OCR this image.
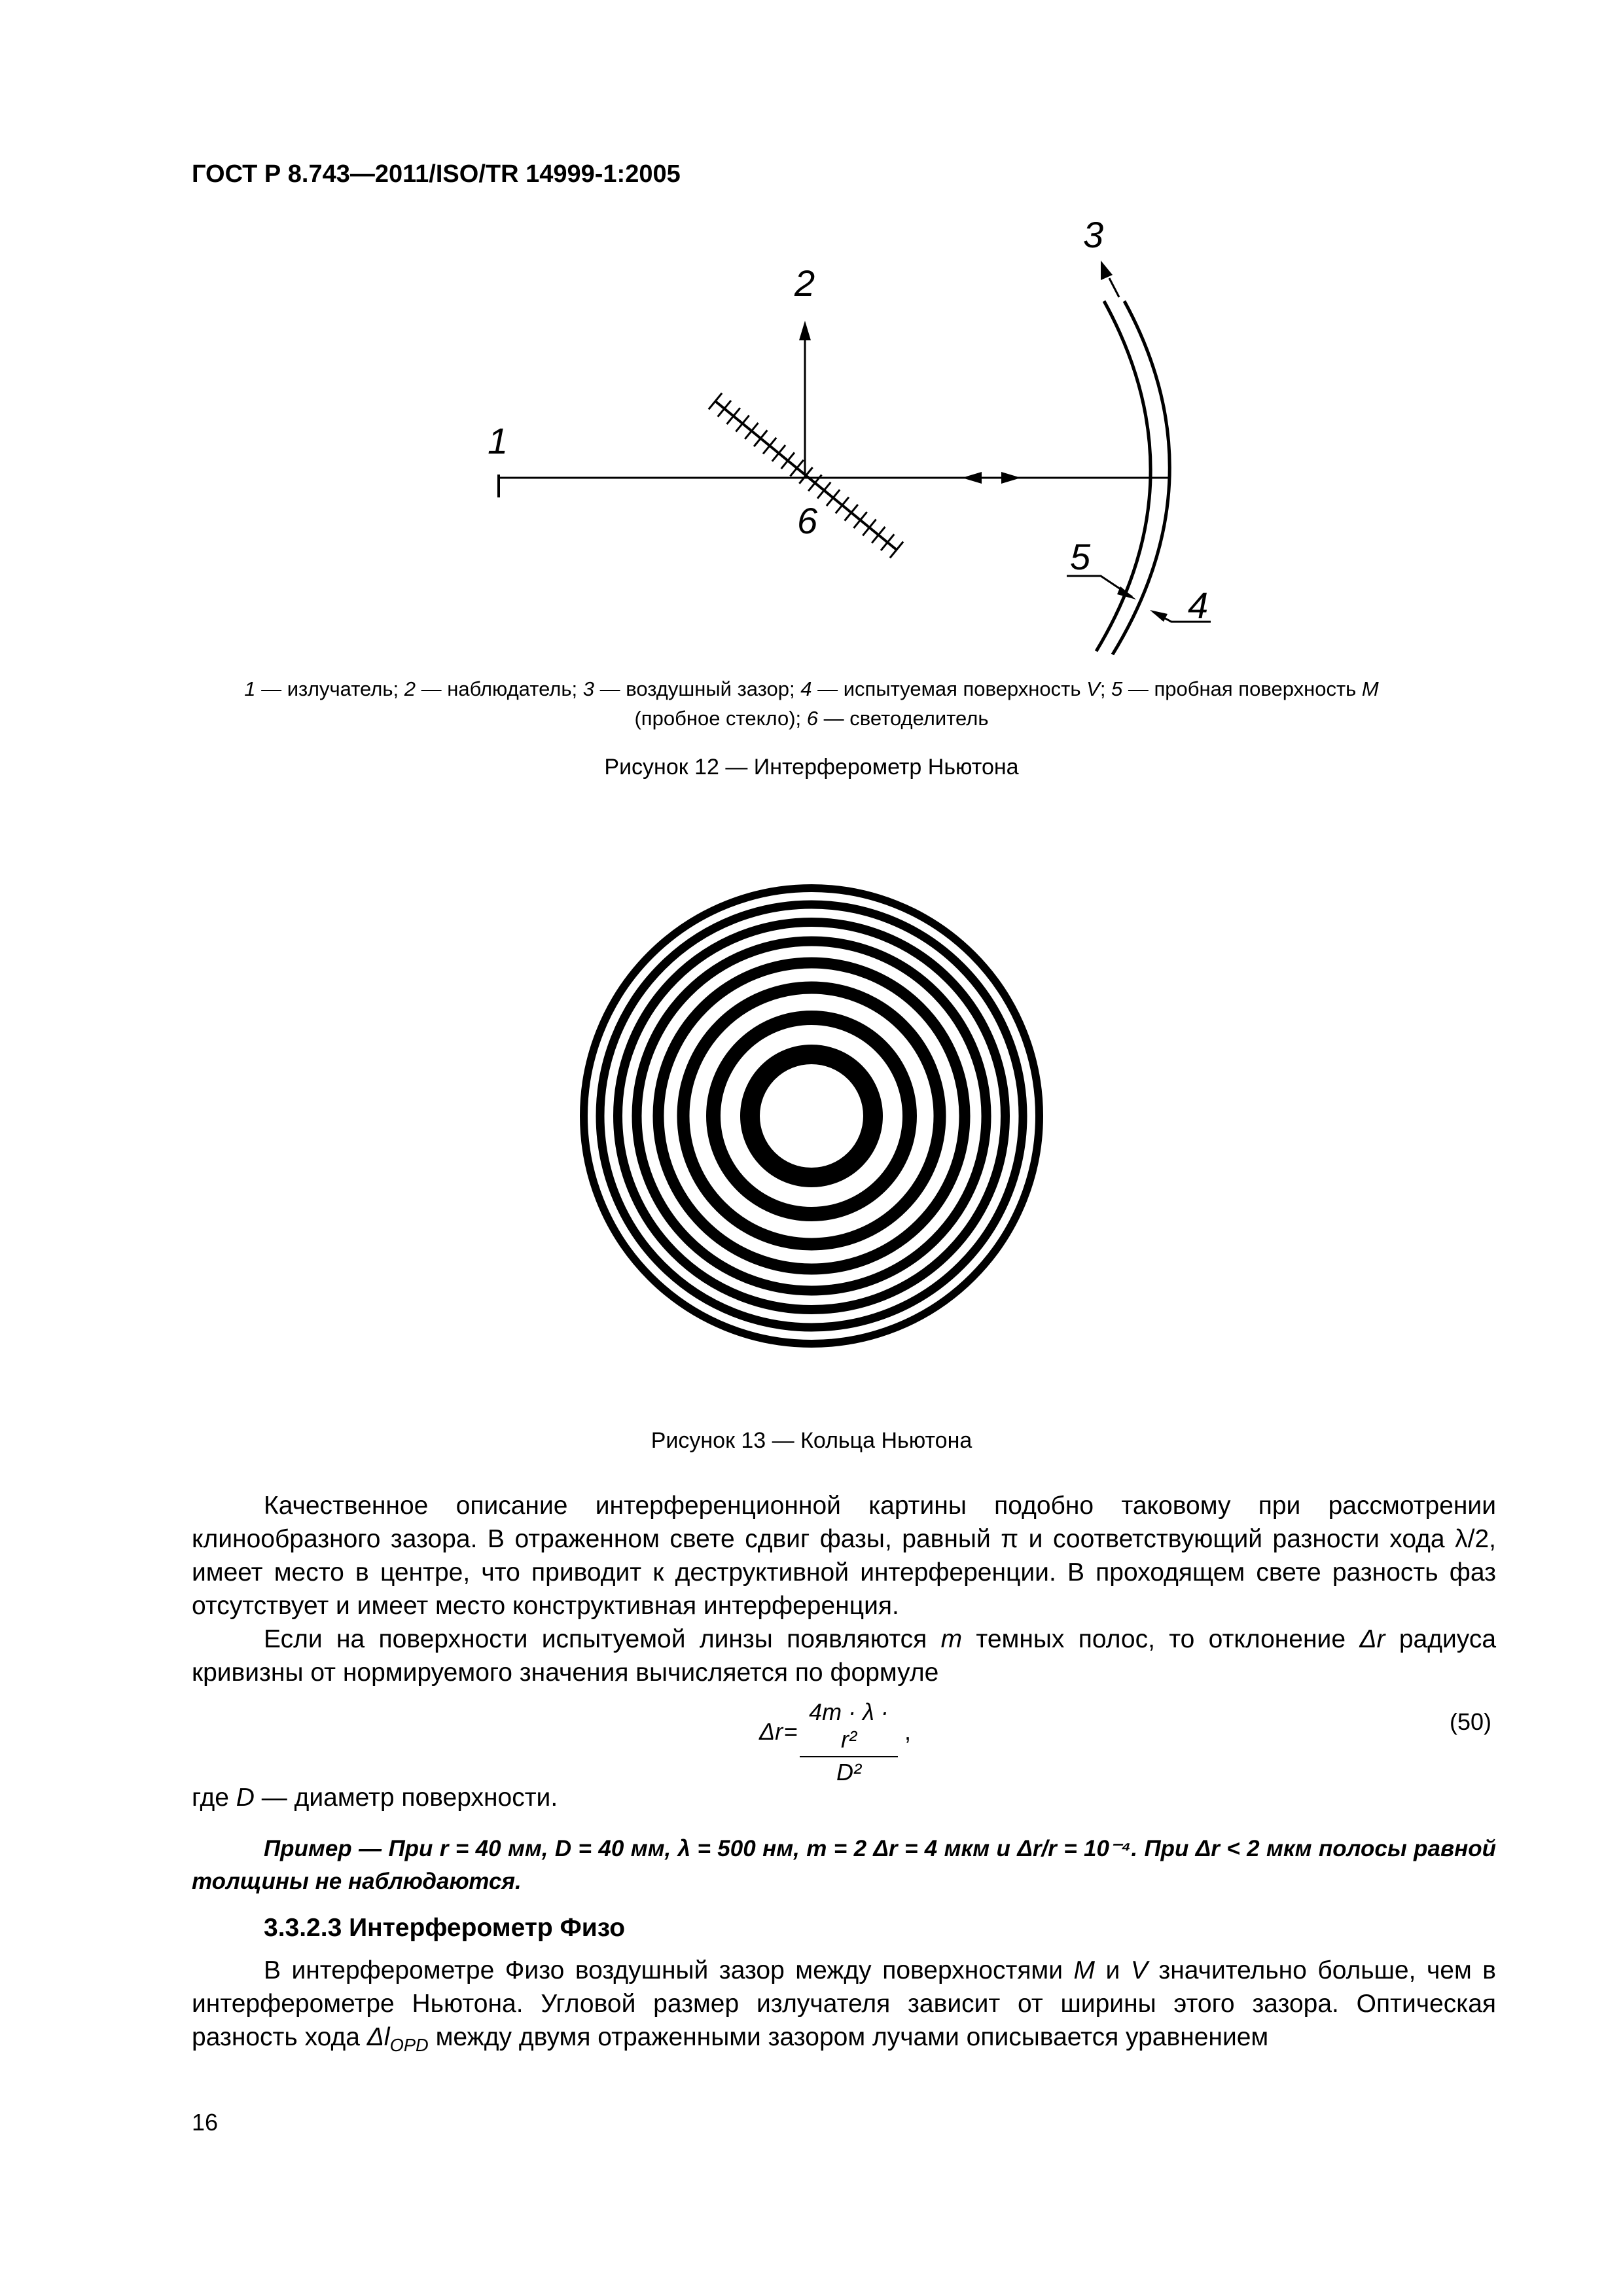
ГОСТ Р 8.743—2011/ISO/TR 14999-1:2005
1
2
3
4
5
6
1 — излучатель; 2 — наблюдатель; 3 — воздушный зазор; 4 — испытуемая поверхность V; 5 — пробная поверхность M
(пробное стекло); 6 — светоделитель
Рисунок 12 — Интерферометр Ньютона
Рисунок 13 — Кольца Ньютона

Качественное описание интерференционной картины подобно таковому при рассмотрении клинообразного зазора. В отраженном свете сдвиг фазы, равный π и соответствующий разности хода λ/2, имеет место в центре, что приводит к деструктивной интерференции. В проходящем свете разность фаз отсутствует и имеет место конструктивная интерференция.

Если на поверхности испытуемой линзы появляются m темных полос, то отклонение Δr радиуса кривизны от нормируемого значения вычисляется по формуле

$\Delta r = \frac{\text{4m · λ · r²}}{\text{D²}}$ ,	(50)
где D — диаметр поверхности.

Пример — При r = 40 мм, D = 40 мм, λ = 500 нм, m = 2 Δr = 4 мкм и Δr/r = 10⁻⁴. При Δr < 2 мкм полосы равной толщины не наблюдаются.

3.3.2.3 Интерферометр Физо

В интерферометре Физо воздушный зазор между поверхностями M и V значительно больше, чем в интерферометре Ньютона. Угловой размер излучателя зависит от ширины этого зазора. Оптическая разность хода $\Delta l_{OPD}$ между двумя отраженными зазором лучами описывается уравнением

16
